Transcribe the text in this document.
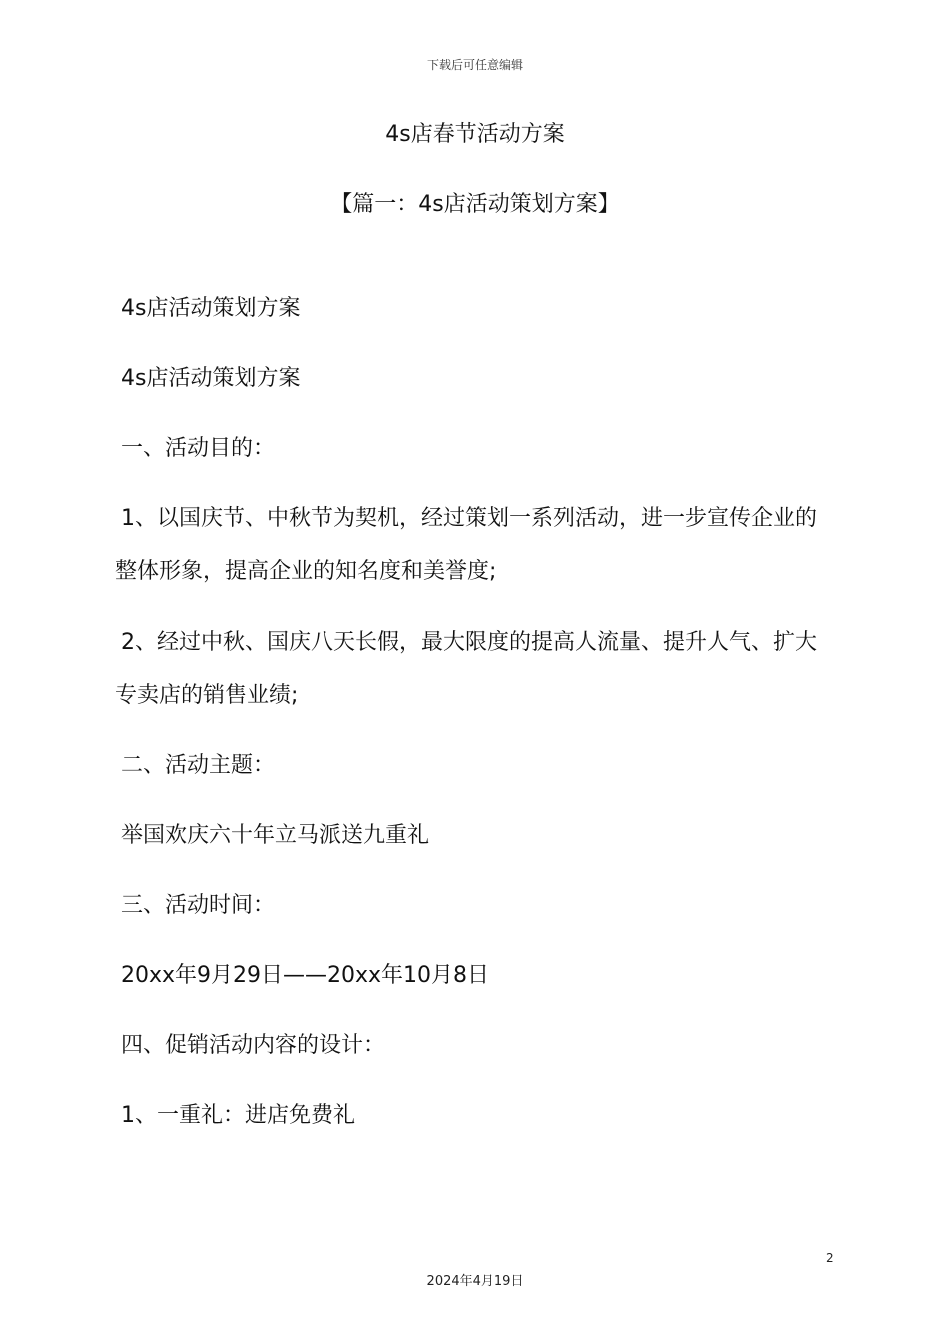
下载后可任意编辑
4s店春节活动方案
【篇一：4s店活动策划方案】
4s店活动策划方案
4s店活动策划方案
一、活动目的：
1、以国庆节、中秋节为契机，经过策划一系列活动，进一步宣传企业的整体形象，提高企业的知名度和美誉度;
2、经过中秋、国庆八天长假，最大限度的提高人流量、提升人气、扩大专卖店的销售业绩;
二、活动主题：
举国欢庆六十年立马派送九重礼
三、活动时间：
20xx年9月29日——20xx年10月8日
四、促销活动内容的设计：
1、一重礼：进店免费礼
2
2024年4月19日
